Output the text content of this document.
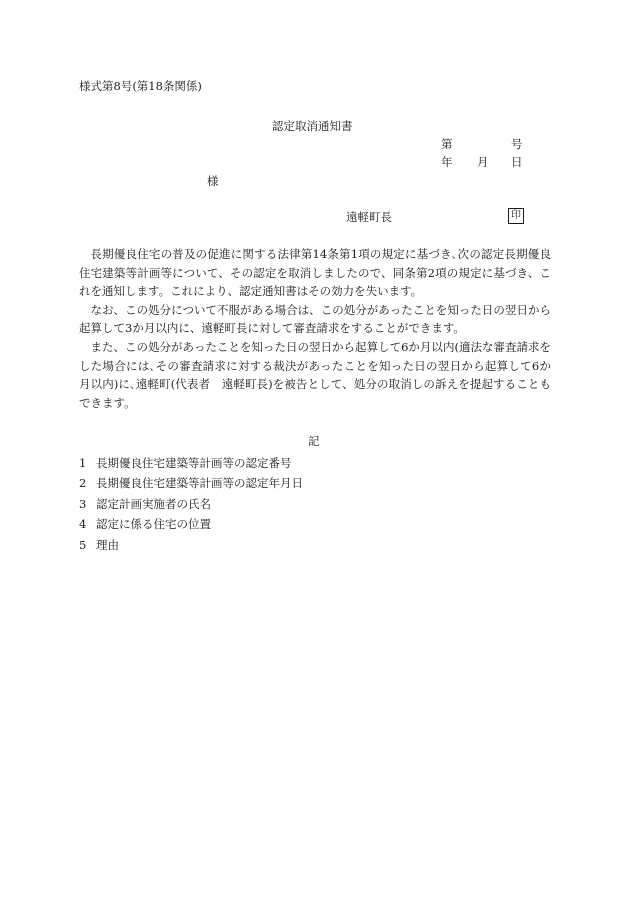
様式第8号(第18条関係)
認定取消通知書
第	号
年 月 日
様
遠軽町長	印

長期優良住宅の普及の促進に関する法律第14条第1項の規定に基づき､次の認定長期優良住宅建築等計画等について、その認定を取消しましたので、同条第2項の規定に基づき、これを通知します。これにより、認定通知書はその効力を失います。

なお、この処分について不服がある場合は、この処分があったことを知った日の翌日から起算して3か月以内に、遠軽町長に対して審査請求をすることができます。

また、この処分があったことを知った日の翌日から起算して6か月以内(適法な審査請求をした場合には､その審査請求に対する裁決があったことを知った日の翌日から起算して6か月以内)に､遠軽町(代表者　遠軽町長)を被告として、処分の取消しの訴えを提起することもできます。

記
1 長期優良住宅建築等計画等の認定番号
2 長期優良住宅建築等計画等の認定年月日
3 認定計画実施者の氏名
4 認定に係る住宅の位置
5 理由
